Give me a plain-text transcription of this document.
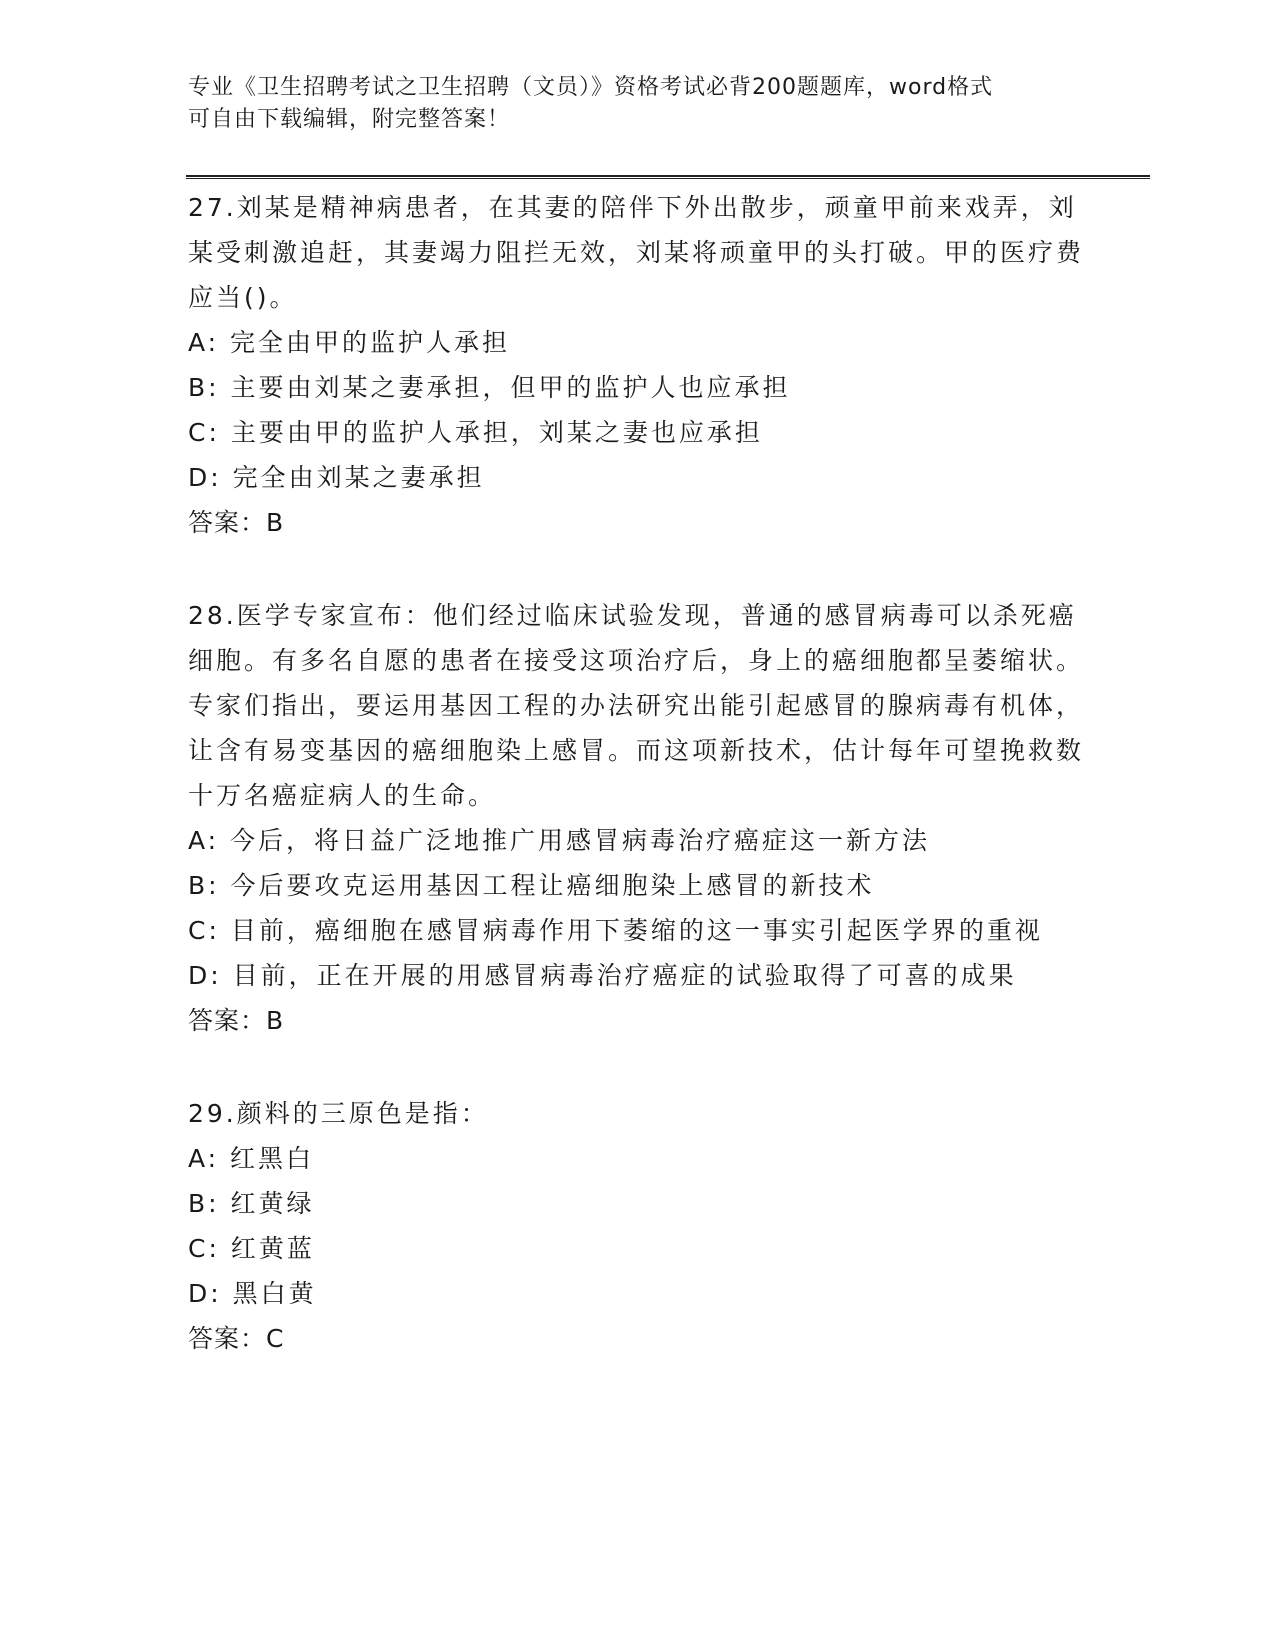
专业《卫生招聘考试之卫生招聘（文员）》资格考试必背200题题库，word格式
可自由下载编辑，附完整答案！

27.刘某是精神病患者，在其妻的陪伴下外出散步，顽童甲前来戏弄，刘某受刺激追赶，其妻竭力阻拦无效，刘某将顽童甲的头打破。甲的医疗费应当()。

A: 完全由甲的监护人承担

B: 主要由刘某之妻承担，但甲的监护人也应承担

C: 主要由甲的监护人承担，刘某之妻也应承担

D: 完全由刘某之妻承担

答案：B

28.医学专家宣布：他们经过临床试验发现，普通的感冒病毒可以杀死癌细胞。有多名自愿的患者在接受这项治疗后，身上的癌细胞都呈萎缩状。专家们指出，要运用基因工程的办法研究出能引起感冒的腺病毒有机体，让含有易变基因的癌细胞染上感冒。而这项新技术，估计每年可望挽救数十万名癌症病人的生命。

A: 今后，将日益广泛地推广用感冒病毒治疗癌症这一新方法

B: 今后要攻克运用基因工程让癌细胞染上感冒的新技术

C: 目前，癌细胞在感冒病毒作用下萎缩的这一事实引起医学界的重视

D: 目前，正在开展的用感冒病毒治疗癌症的试验取得了可喜的成果

答案：B

29.颜料的三原色是指：

A: 红黑白

B: 红黄绿

C: 红黄蓝

D: 黑白黄

答案：C
